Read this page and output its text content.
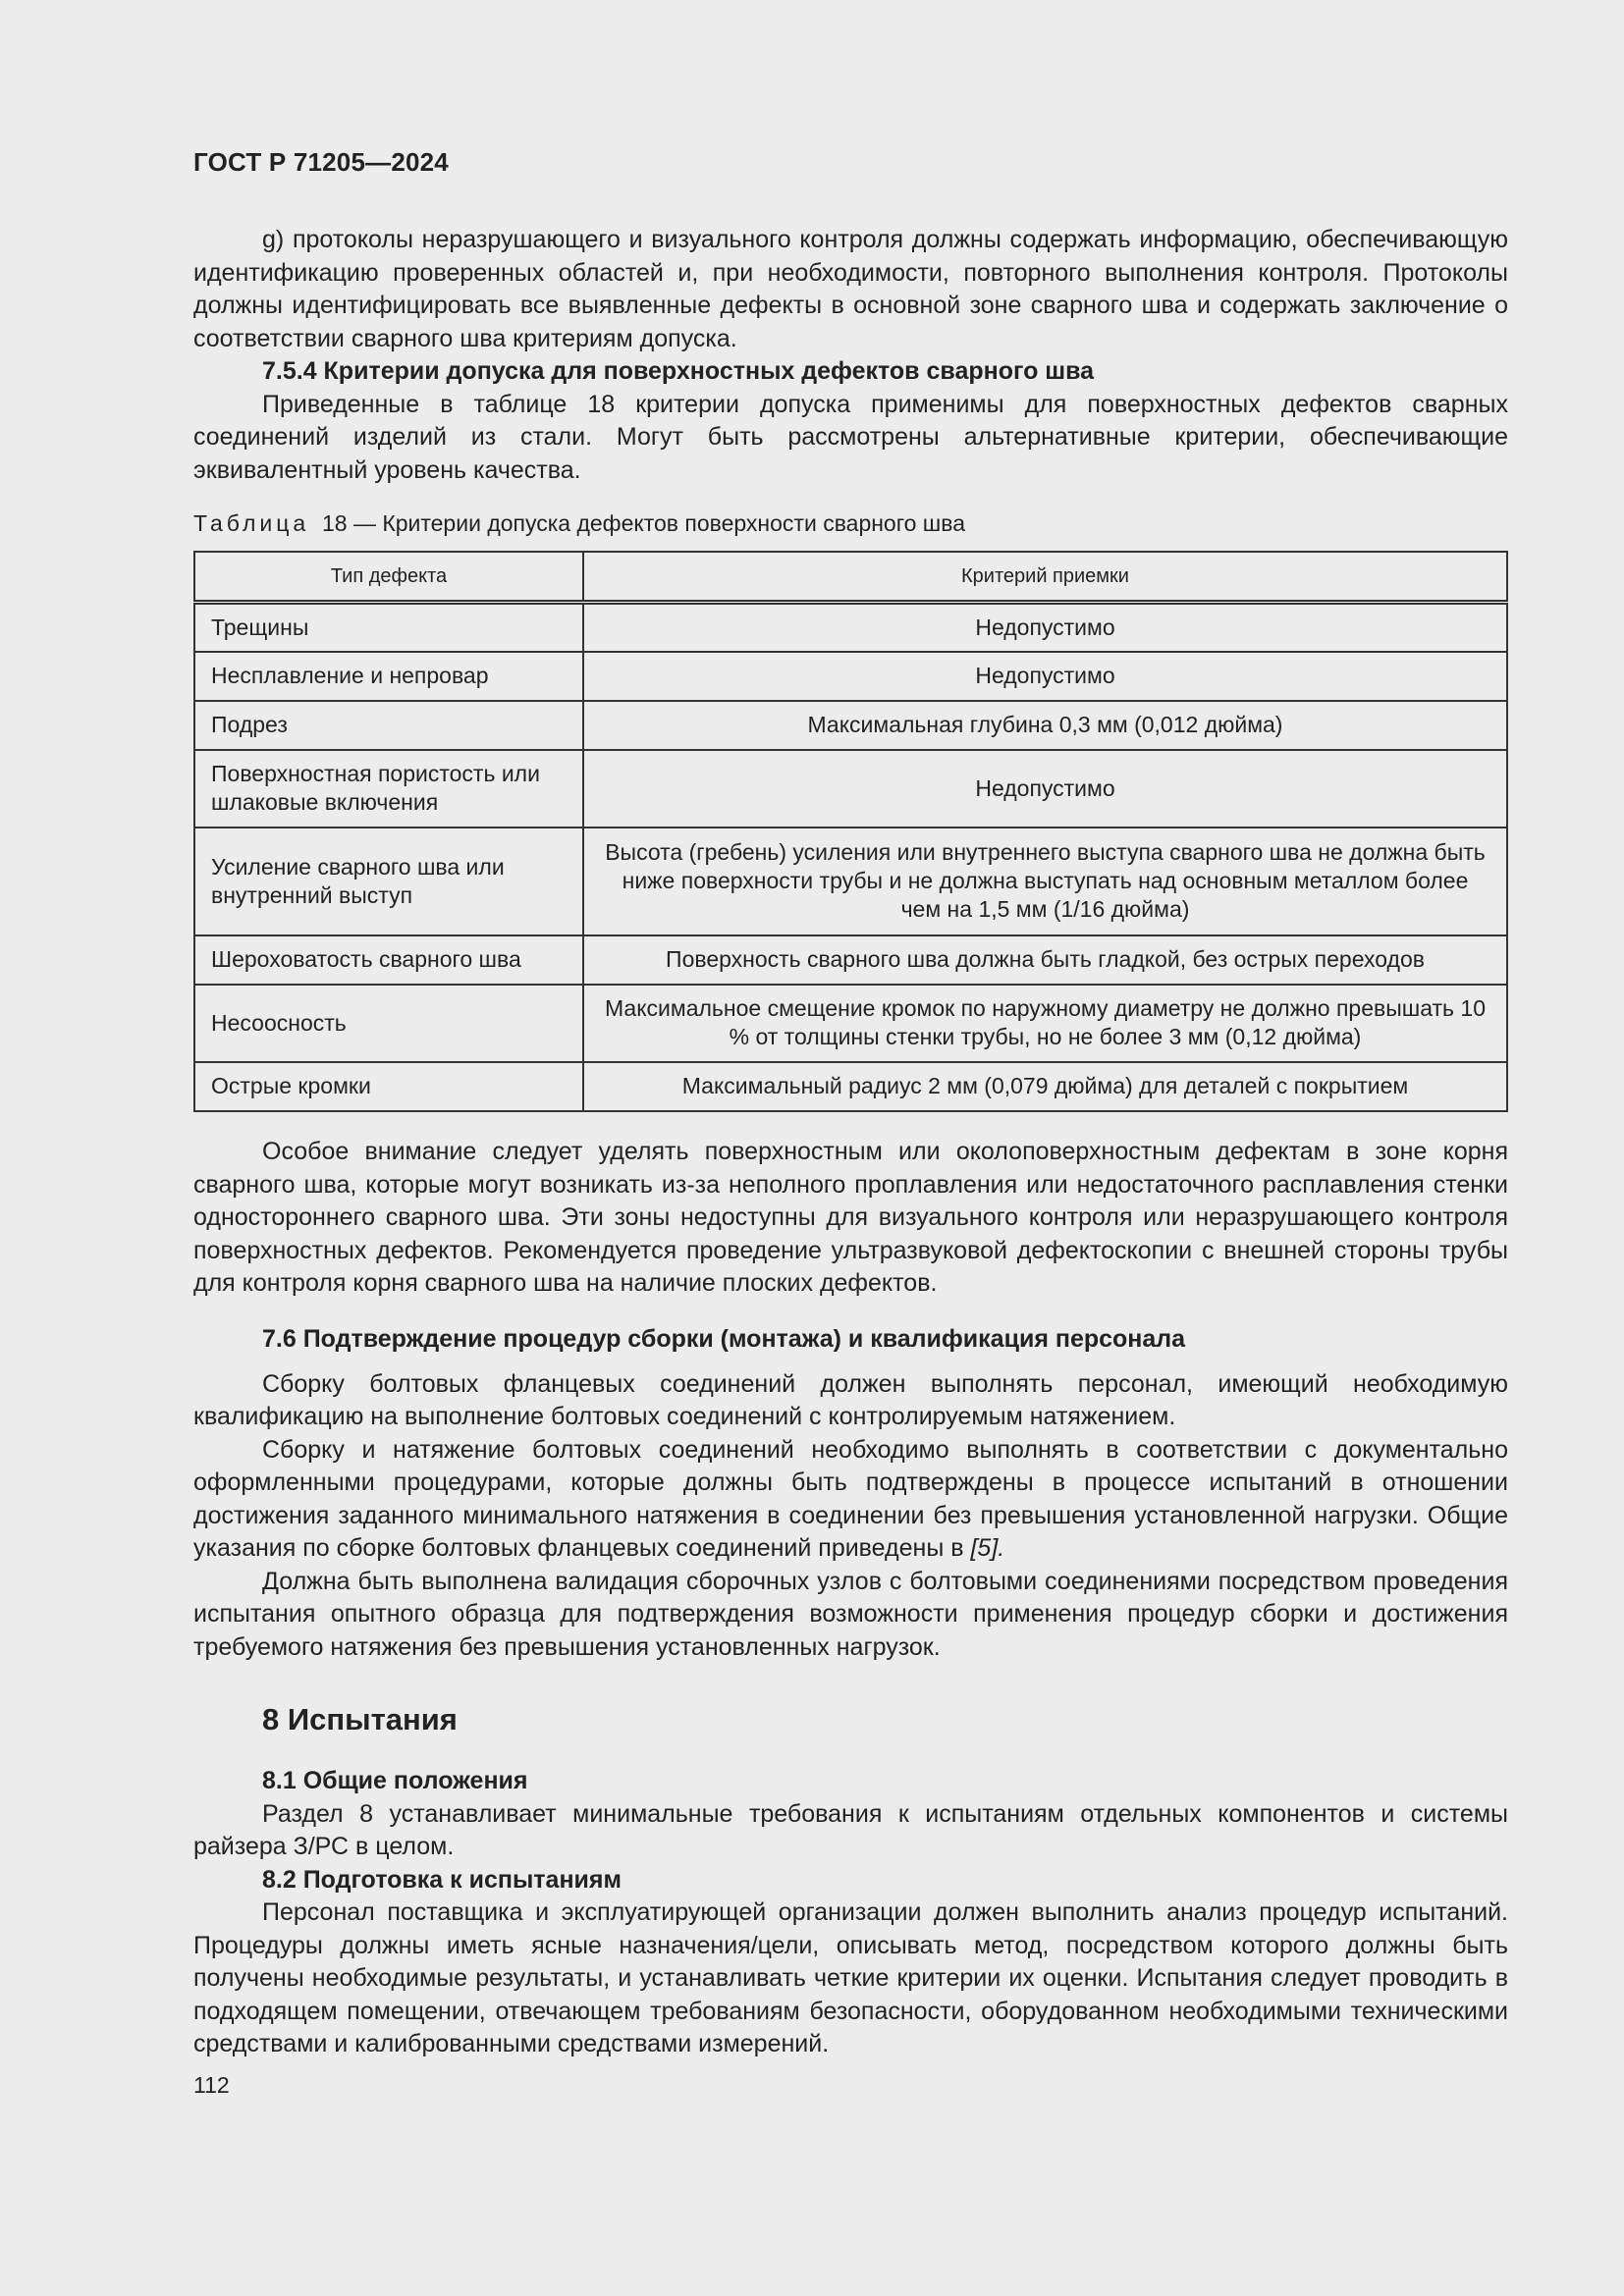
ГОСТ Р 71205—2024

g) протоколы неразрушающего и визуального контроля должны содержать информацию, обеспечивающую идентификацию проверенных областей и, при необходимости, повторного выполнения контроля. Протоколы должны идентифицировать все выявленные дефекты в основной зоне сварного шва и содержать заключение о соответствии сварного шва критериям допуска.

7.5.4 Критерии допуска для поверхностных дефектов сварного шва

Приведенные в таблице 18 критерии допуска применимы для поверхностных дефектов сварных соединений изделий из стали. Могут быть рассмотрены альтернативные критерии, обеспечивающие эквивалентный уровень качества.

Таблица 18 — Критерии допуска дефектов поверхности сварного шва
Тип дефекта	Критерий приемки
Трещины	Недопустимо
Несплавление и непровар	Недопустимо
Подрез	Максимальная глубина 0,3 мм (0,012 дюйма)
Поверхностная пористость или шлаковые включения	Недопустимо
Усиление сварного шва или внутренний выступ	Высота (гребень) усиления или внутреннего выступа сварного шва не должна быть ниже поверхности трубы и не должна выступать над основным металлом более чем на 1,5 мм (1/16 дюйма)
Шероховатость сварного шва	Поверхность сварного шва должна быть гладкой, без острых переходов
Несоосность	Максимальное смещение кромок по наружному диаметру не должно превышать 10 % от толщины стенки трубы, но не более 3 мм (0,12 дюйма)
Острые кромки	Максимальный радиус 2 мм (0,079 дюйма) для деталей с покрытием

Особое внимание следует уделять поверхностным или околоповерхностным дефектам в зоне корня сварного шва, которые могут возникать из-за неполного проплавления или недостаточного расплавления стенки одностороннего сварного шва. Эти зоны недоступны для визуального контроля или неразрушающего контроля поверхностных дефектов. Рекомендуется проведение ультразвуковой дефектоскопии с внешней стороны трубы для контроля корня сварного шва на наличие плоских дефектов.

7.6 Подтверждение процедур сборки (монтажа) и квалификация персонала

Сборку болтовых фланцевых соединений должен выполнять персонал, имеющий необходимую квалификацию на выполнение болтовых соединений с контролируемым натяжением.

Сборку и натяжение болтовых соединений необходимо выполнять в соответствии с документально оформленными процедурами, которые должны быть подтверждены в процессе испытаний в отношении достижения заданного минимального натяжения в соединении без превышения установленной нагрузки. Общие указания по сборке болтовых фланцевых соединений приведены в [5].

Должна быть выполнена валидация сборочных узлов с болтовыми соединениями посредством проведения испытания опытного образца для подтверждения возможности применения процедур сборки и достижения требуемого натяжения без превышения установленных нагрузок.

8 Испытания
8.1 Общие положения

Раздел 8 устанавливает минимальные требования к испытаниям отдельных компонентов и системы райзера З/РС в целом.

8.2 Подготовка к испытаниям

Персонал поставщика и эксплуатирующей организации должен выполнить анализ процедур испытаний. Процедуры должны иметь ясные назначения/цели, описывать метод, посредством которого должны быть получены необходимые результаты, и устанавливать четкие критерии их оценки. Испытания следует проводить в подходящем помещении, отвечающем требованиям безопасности, оборудованном необходимыми техническими средствами и калиброванными средствами измерений.

112
